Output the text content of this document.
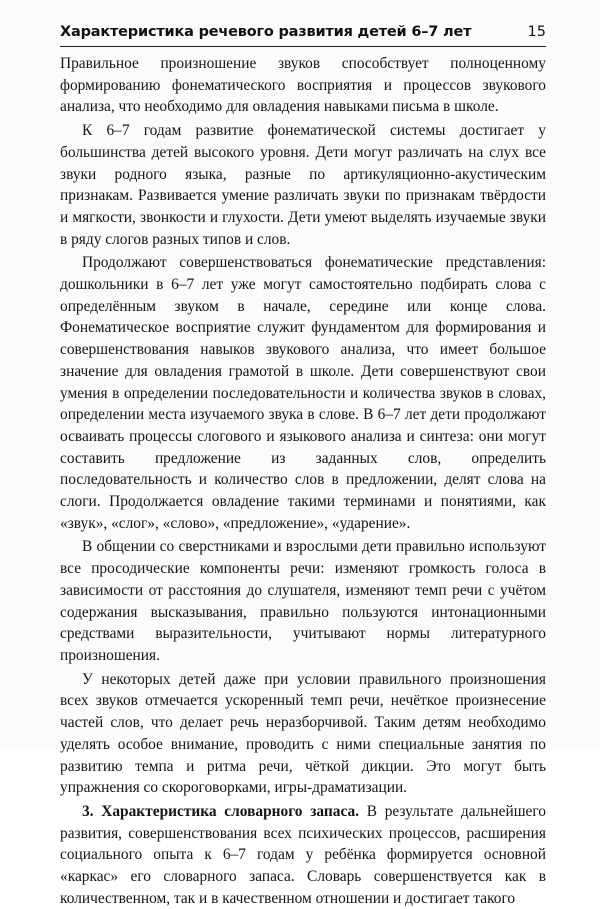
Характеристика речевого развития детей 6–7 лет	15

Правильное произношение звуков способствует полноценному формированию фонематического восприятия и процессов звукового анализа, что необходимо для овладения навыками письма в школе.

К 6–7 годам развитие фонематической системы достигает у большинства детей высокого уровня. Дети могут различать на слух все звуки родного языка, разные по артикуляционно-акустическим признакам. Развивается умение различать звуки по признакам твёрдости и мягкости, звонкости и глухости. Дети умеют выделять изучаемые звуки в ряду слогов разных типов и слов.

Продолжают совершенствоваться фонематические представления: дошкольники в 6–7 лет уже могут самостоятельно подбирать слова с определённым звуком в начале, середине или конце слова. Фонематическое восприятие служит фундаментом для формирования и совершенствования навыков звукового анализа, что имеет большое значение для овладения грамотой в школе. Дети совершенствуют свои умения в определении последовательности и количества звуков в словах, определении места изучаемого звука в слове. В 6–7 лет дети продолжают осваивать процессы слогового и языкового анализа и синтеза: они могут составить предложение из заданных слов, определить последовательность и количество слов в предложении, делят слова на слоги. Продолжается овладение такими терминами и понятиями, как «звук», «слог», «слово», «предложение», «ударение».

В общении со сверстниками и взрослыми дети правильно используют все просодические компоненты речи: изменяют громкость голоса в зависимости от расстояния до слушателя, изменяют темп речи с учётом содержания высказывания, правильно пользуются интонационными средствами выразительности, учитывают нормы литературного произношения.

У некоторых детей даже при условии правильного произношения всех звуков отмечается ускоренный темп речи, нечёткое произнесение частей слов, что делает речь неразборчивой. Таким детям необходимо уделять особое внимание, проводить с ними специальные занятия по развитию темпа и ритма речи, чёткой дикции. Это могут быть упражнения со скороговорками, игры-драматизации.

3. Характеристика словарного запаса. В результате дальнейшего развития, совершенствования всех психических процессов, расширения социального опыта к 6–7 годам у ребёнка формируется основной «каркас» его словарного запаса. Словарь совершенствуется как в количественном, так и в качественном отношении и достигает такого
